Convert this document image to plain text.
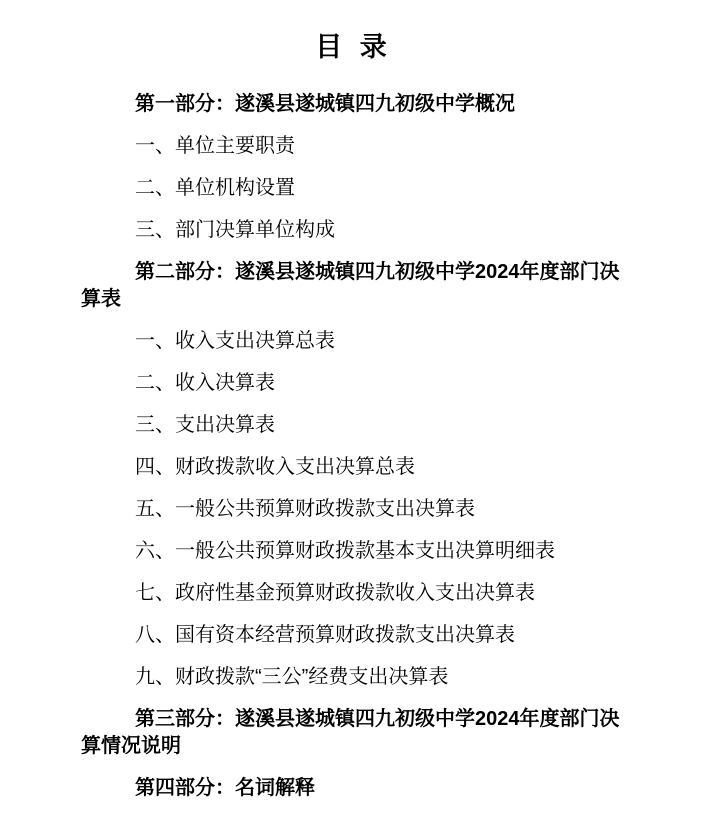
目 录

第一部分：遂溪县遂城镇四九初级中学概况

一、单位主要职责

二、单位机构设置

三、部门决算单位构成

第二部分：遂溪县遂城镇四九初级中学2024年度部门决算表

一、收入支出决算总表

二、收入决算表

三、支出决算表

四、财政拨款收入支出决算总表

五、一般公共预算财政拨款支出决算表

六、一般公共预算财政拨款基本支出决算明细表

七、政府性基金预算财政拨款收入支出决算表

八、国有资本经营预算财政拨款支出决算表

九、财政拨款“三公”经费支出决算表

第三部分：遂溪县遂城镇四九初级中学2024年度部门决算情况说明

第四部分：名词解释
